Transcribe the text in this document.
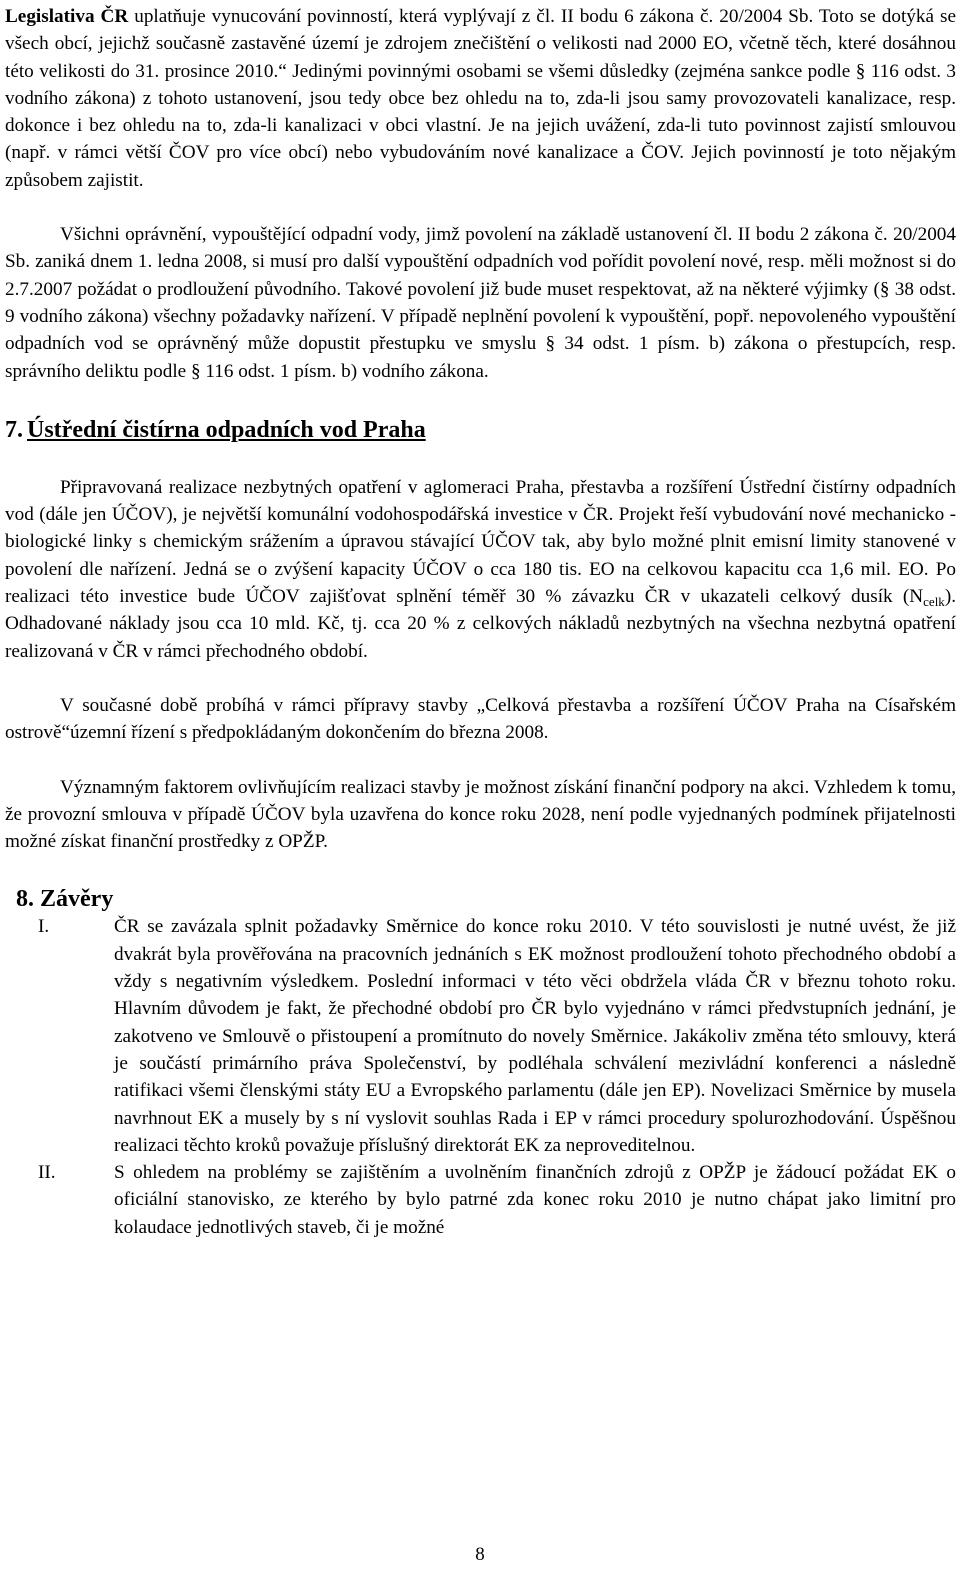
Legislativa ČR uplatňuje vynucování povinností, která vyplývají z čl. II bodu 6 zákona č. 20/2004 Sb. Toto se dotýká se všech obcí, jejichž současně zastavěné území je zdrojem znečištění o velikosti nad 2000 EO, včetně těch, které dosáhnou této velikosti do 31. prosince 2010.“ Jedinými povinnými osobami se všemi důsledky (zejména sankce podle § 116 odst. 3 vodního zákona) z tohoto ustanovení, jsou tedy obce bez ohledu na to, zda-li jsou samy provozovateli kanalizace, resp. dokonce i bez ohledu na to, zda-li kanalizaci v obci vlastní. Je na jejich uvážení, zda-li tuto povinnost zajistí smlouvou (např. v rámci větší ČOV pro více obcí) nebo vybudováním nové kanalizace a ČOV. Jejich povinností je toto nějakým způsobem zajistit.

Všichni oprávnění, vypouštějící odpadní vody, jimž povolení na základě ustanovení čl. II bodu 2 zákona č. 20/2004 Sb. zaniká dnem 1. ledna 2008, si musí pro další vypouštění odpadních vod pořídit povolení nové, resp. měli možnost si do 2.7.2007 požádat o prodloužení původního. Takové povolení již bude muset respektovat, až na některé výjimky (§ 38 odst. 9 vodního zákona) všechny požadavky nařízení. V případě neplnění povolení k vypouštění, popř. nepovoleného vypouštění odpadních vod se oprávněný může dopustit přestupku ve smyslu § 34 odst. 1 písm. b) zákona o přestupcích, resp. správního deliktu podle § 116 odst. 1 písm. b) vodního zákona.

7. Ústřední čistírna odpadních vod Praha

Připravovaná realizace nezbytných opatření v aglomeraci Praha, přestavba a rozšíření Ústřední čistírny odpadních vod (dále jen ÚČOV), je největší komunální vodohospodářská investice v ČR. Projekt řeší vybudování nové mechanicko - biologické linky s chemickým srážením a úpravou stávající ÚČOV tak, aby bylo možné plnit emisní limity stanovené v povolení dle nařízení. Jedná se o zvýšení kapacity ÚČOV o cca 180 tis. EO na celkovou kapacitu cca 1,6 mil. EO. Po realizaci této investice bude ÚČOV zajišťovat splnění téměř 30 % závazku ČR v ukazateli celkový dusík $(N_{celk})$. Odhadované náklady jsou cca 10 mld. Kč, tj. cca 20 % z celkových nákladů nezbytných na všechna nezbytná opatření realizovaná v ČR v rámci přechodného období.

V současné době probíhá v rámci přípravy stavby „Celková přestavba a rozšíření ÚČOV Praha na Císařském ostrově“územní řízení s předpokládaným dokončením do března 2008.

Významným faktorem ovlivňujícím realizaci stavby je možnost získání finanční podpory na akci. Vzhledem k tomu, že provozní smlouva v případě ÚČOV byla uzavřena do konce roku 2028, není podle vyjednaných podmínek přijatelnosti možné získat finanční prostředky z OPŽP.

8. Závěry
I.	ČR se zavázala splnit požadavky Směrnice do konce roku 2010. V této souvislosti je nutné uvést, že již dvakrát byla prověřována na pracovních jednáních s EK možnost prodloužení tohoto přechodného období a vždy s negativním výsledkem. Poslední informaci v této věci obdržela vláda ČR v březnu tohoto roku. Hlavním důvodem je fakt, že přechodné období pro ČR bylo vyjednáno v rámci předvstupních jednání, je zakotveno ve Smlouvě o přistoupení a promítnuto do novely Směrnice. Jakákoliv změna této smlouvy, která je součástí primárního práva Společenství, by podléhala schválení mezivládní konferenci a následně ratifikaci všemi členskými státy EU a Evropského parlamentu (dále jen EP). Novelizaci Směrnice by musela navrhnout EK a musely by s ní vyslovit souhlas Rada i EP v rámci procedury spolurozhodování. Úspěšnou realizaci těchto kroků považuje příslušný direktorát EK za neproveditelnou.
II.	S ohledem na problémy se zajištěním a uvolněním finančních zdrojů z OPŽP je žádoucí požádat EK o oficiální stanovisko, ze kterého by bylo patrné zda konec roku 2010 je nutno chápat jako limitní pro kolaudace jednotlivých staveb, či je možné
8
